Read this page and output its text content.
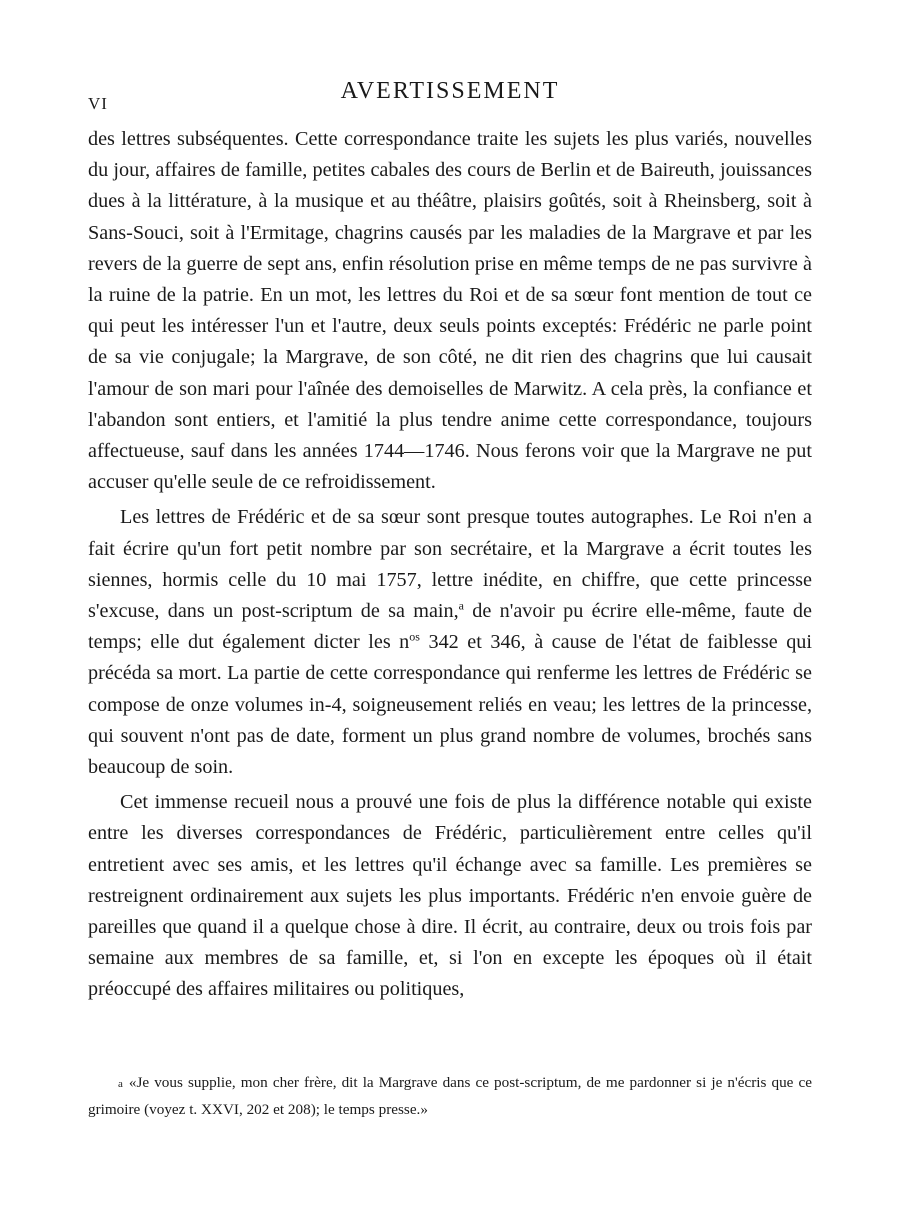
VI	AVERTISSEMENT

des lettres subséquentes. Cette correspondance traite les sujets les plus variés, nouvelles du jour, affaires de famille, petites cabales des cours de Berlin et de Baireuth, jouissances dues à la littérature, à la musique et au théâtre, plaisirs goûtés, soit à Rheinsberg, soit à Sans-Souci, soit à l'Ermitage, chagrins causés par les maladies de la Margrave et par les revers de la guerre de sept ans, enfin résolution prise en même temps de ne pas survivre à la ruine de la patrie. En un mot, les lettres du Roi et de sa sœur font mention de tout ce qui peut les intéresser l'un et l'autre, deux seuls points exceptés: Frédéric ne parle point de sa vie conjugale; la Margrave, de son côté, ne dit rien des chagrins que lui causait l'amour de son mari pour l'aînée des demoiselles de Marwitz. A cela près, la confiance et l'abandon sont entiers, et l'amitié la plus tendre anime cette correspondance, toujours affectueuse, sauf dans les années 1744—1746. Nous ferons voir que la Margrave ne put accuser qu'elle seule de ce refroidissement.

Les lettres de Frédéric et de sa sœur sont presque toutes autographes. Le Roi n'en a fait écrire qu'un fort petit nombre par son secrétaire, et la Margrave a écrit toutes les siennes, hormis celle du 10 mai 1757, lettre inédite, en chiffre, que cette princesse s'excuse, dans un post-scriptum de sa main,$^a$ de n'avoir pu écrire elle-même, faute de temps; elle dut également dicter les $n^{os}$ 342 et 346, à cause de l'état de faiblesse qui précéda sa mort. La partie de cette correspondance qui renferme les lettres de Frédéric se compose de onze volumes in-4, soigneusement reliés en veau; les lettres de la princesse, qui souvent n'ont pas de date, forment un plus grand nombre de volumes, brochés sans beaucoup de soin.

Cet immense recueil nous a prouvé une fois de plus la différence notable qui existe entre les diverses correspondances de Frédéric, particulièrement entre celles qu'il entretient avec ses amis, et les lettres qu'il échange avec sa famille. Les premières se restreignent ordinairement aux sujets les plus importants. Frédéric n'en envoie guère de pareilles que quand il a quelque chose à dire. Il écrit, au contraire, deux ou trois fois par semaine aux membres de sa famille, et, si l'on en excepte les époques où il était préoccupé des affaires militaires ou politiques,

a «Je vous supplie, mon cher frère, dit la Margrave dans ce post-scriptum, de me pardonner si je n'écris que ce grimoire (voyez t. XXVI, 202 et 208); le temps presse.»
